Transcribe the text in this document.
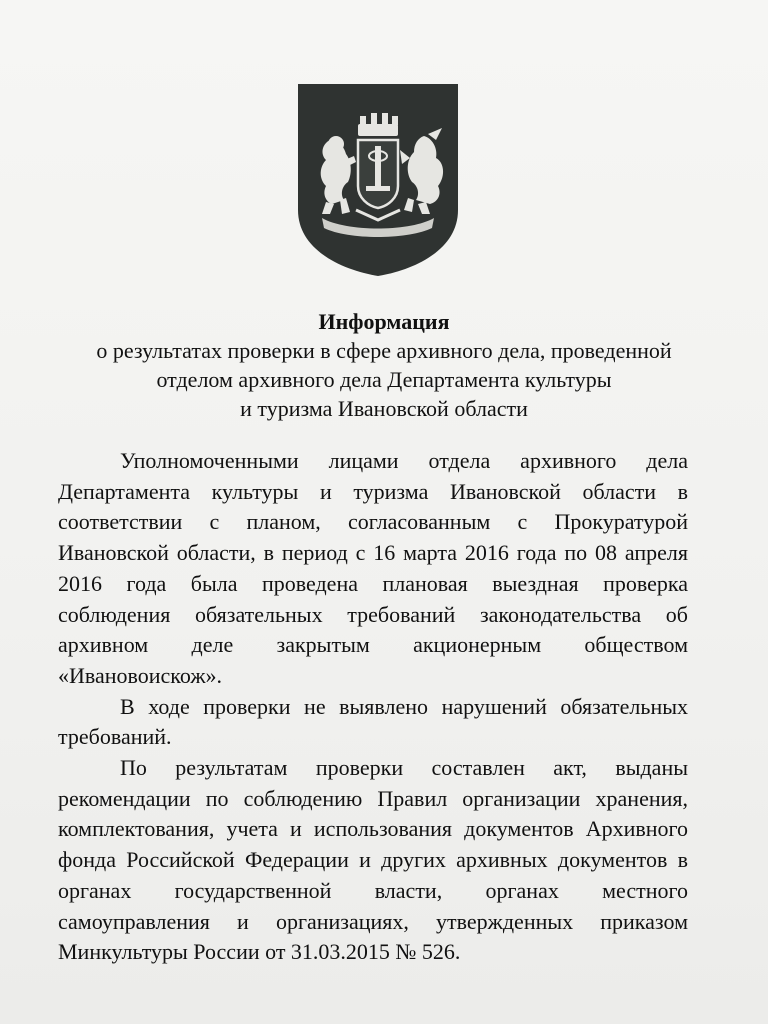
Информация
о результатах проверки в сфере архивного дела, проведенной
отделом архивного дела Департамента культуры
и туризма Ивановской области

Уполномоченными лицами отдела архивного дела Департамента культуры и туризма Ивановской области в соответствии с планом, согласованным с Прокуратурой Ивановской области, в период с 16 марта 2016 года по 08 апреля 2016 года была проведена плановая выездная проверка соблюдения обязательных требований законодательства об архивном деле закрытым акционерным обществом «Ивановоискож».

В ходе проверки не выявлено нарушений обязательных требований.

По результатам проверки составлен акт, выданы рекомендации по соблюдению Правил организации хранения, комплектования, учета и использования документов Архивного фонда Российской Федерации и других архивных документов в органах государственной власти, органах местного самоуправления и организациях, утвержденных приказом Минкультуры России от 31.03.2015 № 526.
